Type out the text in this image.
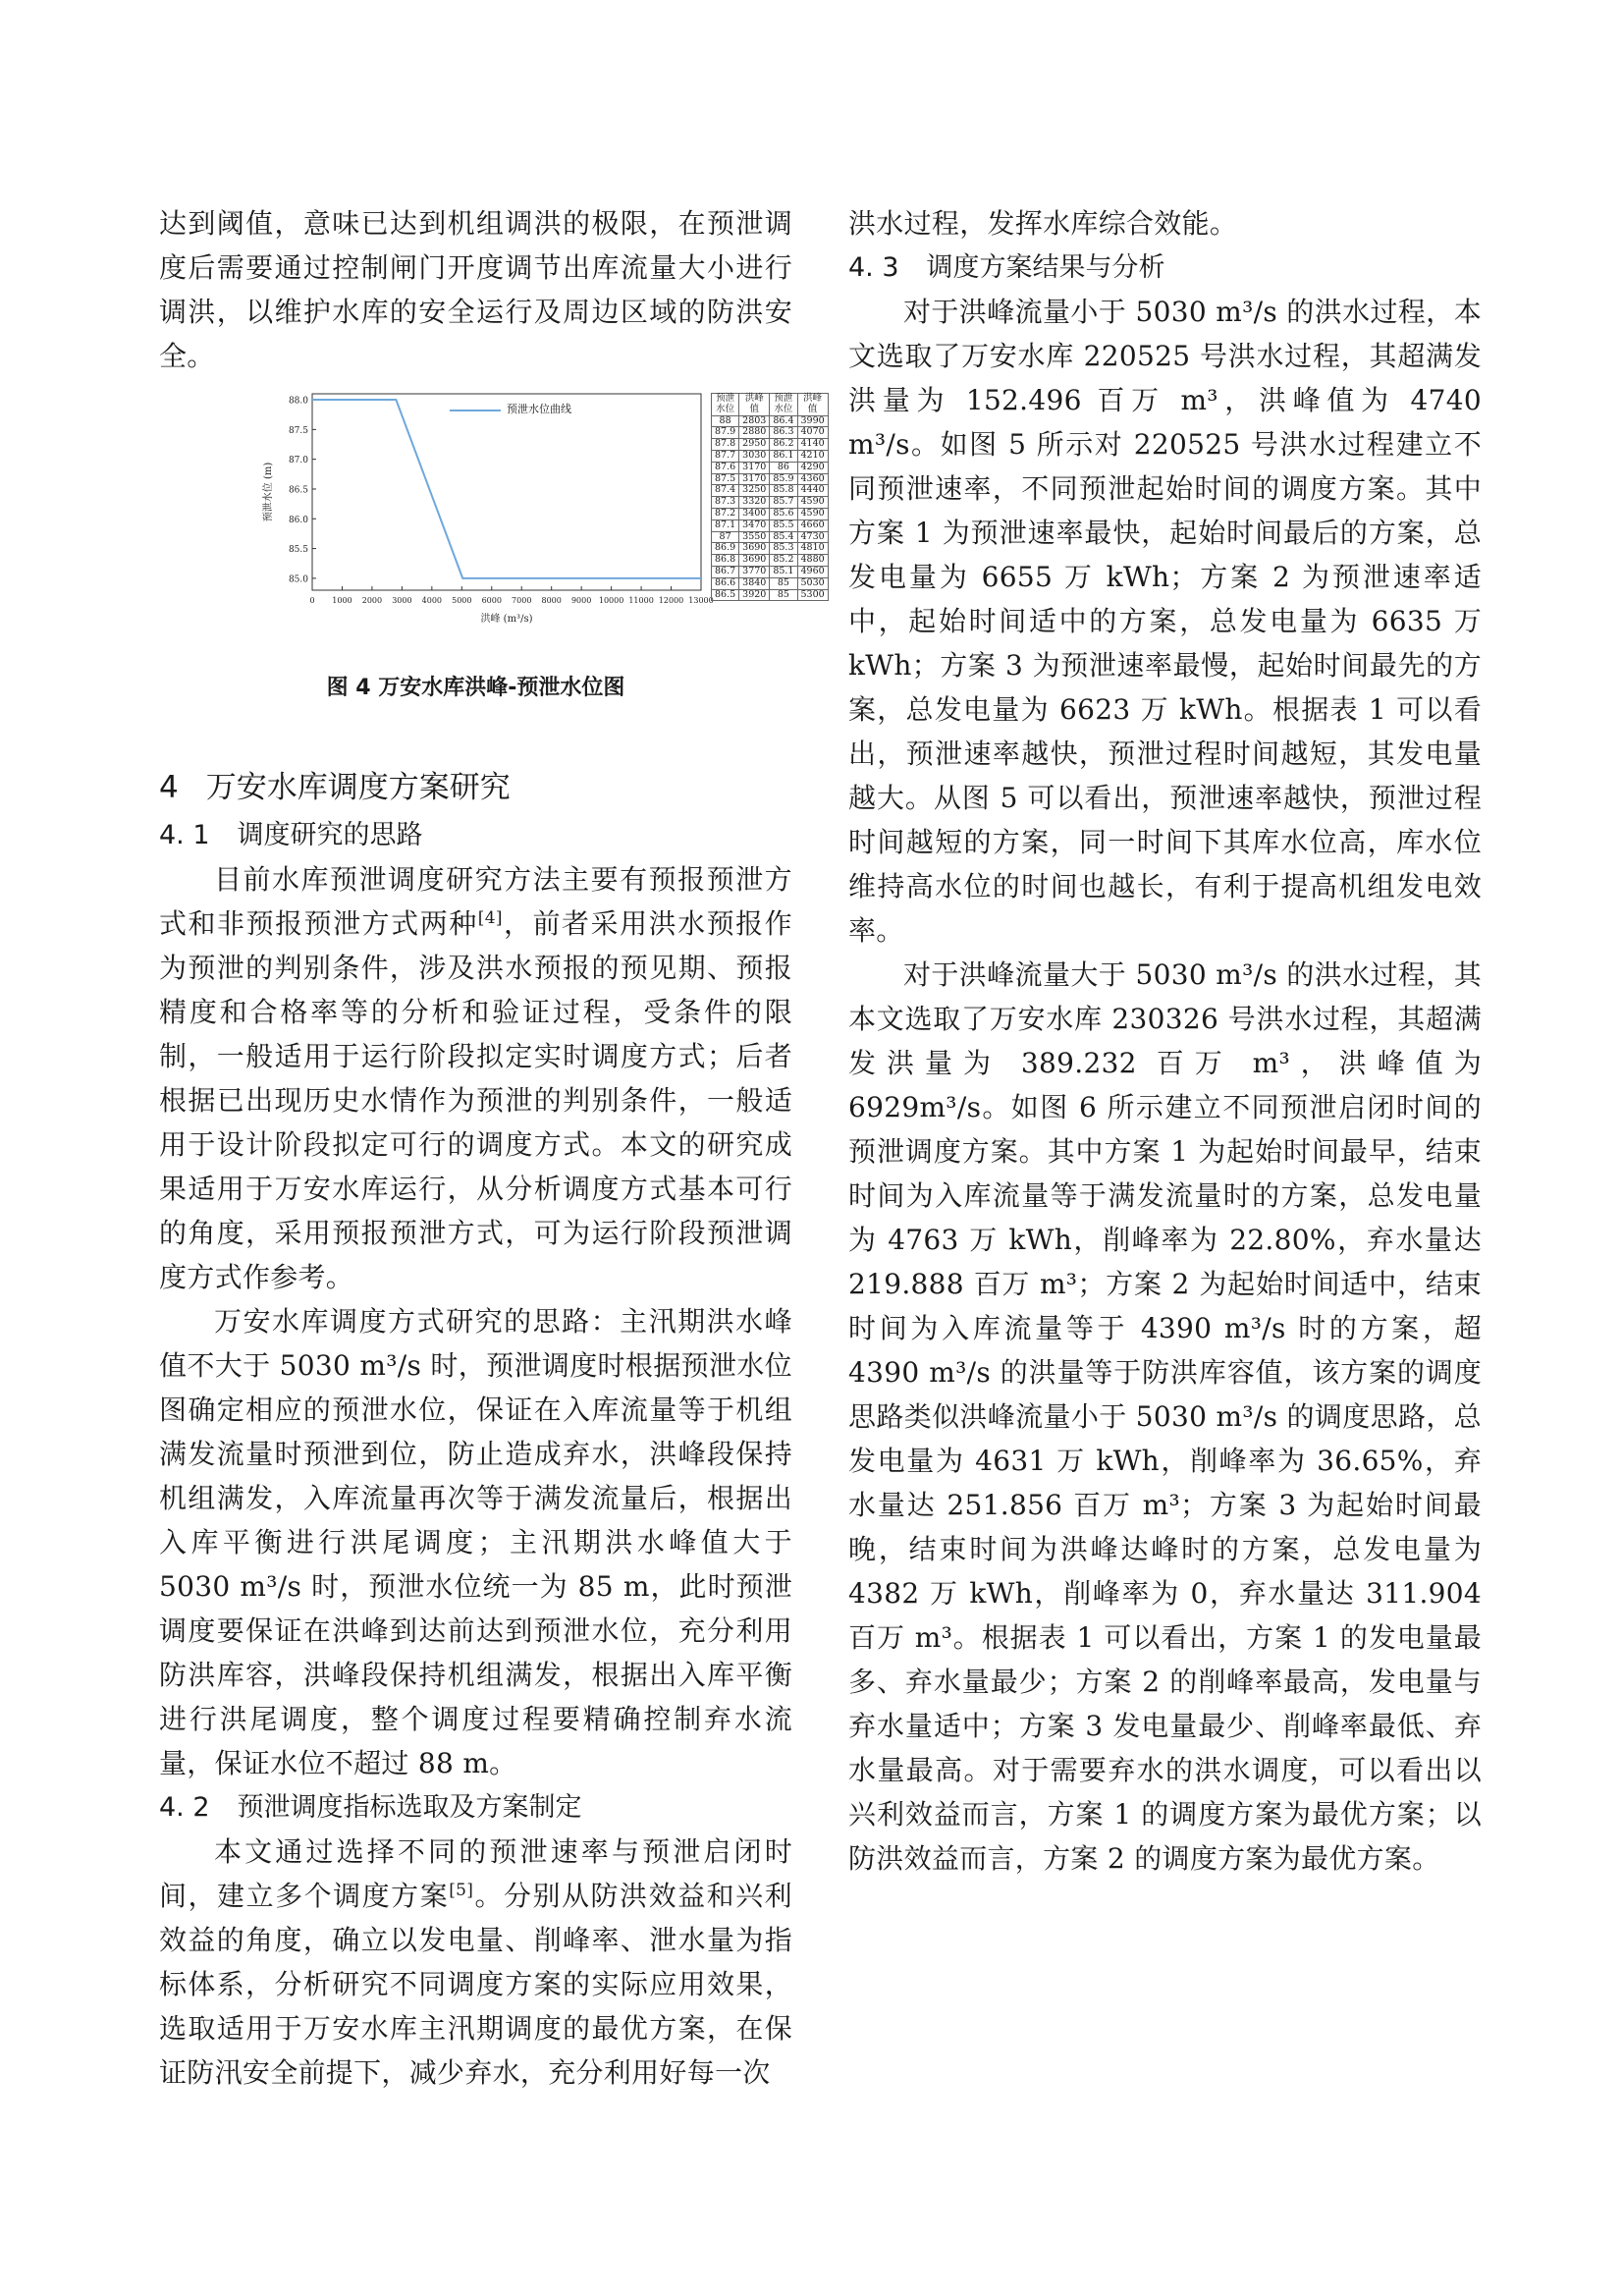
达到阈值，意味已达到机组调洪的极限，在预泄调度后需要通过控制闸门开度调节出库流量大小进行调洪，以维护水库的安全运行及周边区域的防洪安全。

85.0
85.5
86.0
86.5
87.0
87.5
88.0
0 1000 2000 3000 4000 5000 6000 7000 8000 9000 10000 11000 12000 13000
洪峰 (m³/s)
预泄水位 (m)
预泄水位曲线
预泄水位	洪峰值	预泄水位	洪峰值
88	2803	86.4	3990
87.9	2880	86.3	4070
87.8	2950	86.2	4140
87.7	3030	86.1	4210
87.6	3170	86	4290
87.5	3170	85.9	4360
87.4	3250	85.8	4440
87.3	3320	85.7	4590
87.2	3400	85.6	4590
87.1	3470	85.5	4660
87	3550	85.4	4730
86.9	3690	85.3	4810
86.8	3690	85.2	4880
86.7	3770	85.1	4960
86.6	3840	85	5030
86.5	3920	85	5300
图 4 万安水库洪峰-预泄水位图
4 万安水库调度方案研究
4. 1 调度研究的思路

目前水库预泄调度研究方法主要有预报预泄方式和非预报预泄方式两种[4]，前者采用洪水预报作为预泄的判别条件，涉及洪水预报的预见期、预报精度和合格率等的分析和验证过程，受条件的限制，一般适用于运行阶段拟定实时调度方式；后者根据已出现历史水情作为预泄的判别条件，一般适用于设计阶段拟定可行的调度方式。本文的研究成果适用于万安水库运行，从分析调度方式基本可行的角度，采用预报预泄方式，可为运行阶段预泄调度方式作参考。

万安水库调度方式研究的思路：主汛期洪水峰值不大于 5030 m³/s 时，预泄调度时根据预泄水位图确定相应的预泄水位，保证在入库流量等于机组满发流量时预泄到位，防止造成弃水，洪峰段保持机组满发，入库流量再次等于满发流量后，根据出入库平衡进行洪尾调度；主汛期洪水峰值大于 5030 m³/s 时，预泄水位统一为 85 m，此时预泄调度要保证在洪峰到达前达到预泄水位，充分利用防洪库容，洪峰段保持机组满发，根据出入库平衡进行洪尾调度，整个调度过程要精确控制弃水流量，保证水位不超过 88 m。

4. 2 预泄调度指标选取及方案制定

本文通过选择不同的预泄速率与预泄启闭时间，建立多个调度方案[5]。分别从防洪效益和兴利效益的角度，确立以发电量、削峰率、泄水量为指标体系，分析研究不同调度方案的实际应用效果，选取适用于万安水库主汛期调度的最优方案，在保证防汛安全前提下，减少弃水，充分利用好每一次

洪水过程，发挥水库综合效能。

4. 3 调度方案结果与分析

对于洪峰流量小于 5030 m³/s 的洪水过程，本文选取了万安水库 220525 号洪水过程，其超满发洪量为 152.496 百万 m³，洪峰值为 4740 m³/s。如图 5 所示对 220525 号洪水过程建立不同预泄速率，不同预泄起始时间的调度方案。其中方案 1 为预泄速率最快，起始时间最后的方案，总发电量为 6655 万 kWh；方案 2 为预泄速率适中，起始时间适中的方案，总发电量为 6635 万 kWh；方案 3 为预泄速率最慢，起始时间最先的方案，总发电量为 6623 万 kWh。根据表 1 可以看出，预泄速率越快，预泄过程时间越短，其发电量越大。从图 5 可以看出，预泄速率越快，预泄过程时间越短的方案，同一时间下其库水位高，库水位维持高水位的时间也越长，有利于提高机组发电效率。

对于洪峰流量大于 5030 m³/s 的洪水过程，其本文选取了万安水库 230326 号洪水过程，其超满发洪量为 389.232 百万 m³，洪峰值为 6929m³/s。如图 6 所示建立不同预泄启闭时间的预泄调度方案。其中方案 1 为起始时间最早，结束时间为入库流量等于满发流量时的方案，总发电量为 4763 万 kWh，削峰率为 22.80%，弃水量达 219.888 百万 m³；方案 2 为起始时间适中，结束时间为入库流量等于 4390 m³/s 时的方案，超 4390 m³/s 的洪量等于防洪库容值，该方案的调度思路类似洪峰流量小于 5030 m³/s 的调度思路，总发电量为 4631 万 kWh，削峰率为 36.65%，弃水量达 251.856 百万 m³；方案 3 为起始时间最晚，结束时间为洪峰达峰时的方案，总发电量为 4382 万 kWh，削峰率为 0，弃水量达 311.904 百万 m³。根据表 1 可以看出，方案 1 的发电量最多、弃水量最少；方案 2 的削峰率最高，发电量与弃水量适中；方案 3 发电量最少、削峰率最低、弃水量最高。对于需要弃水的洪水调度，可以看出以兴利效益而言，方案 1 的调度方案为最优方案；以防洪效益而言，方案 2 的调度方案为最优方案。
